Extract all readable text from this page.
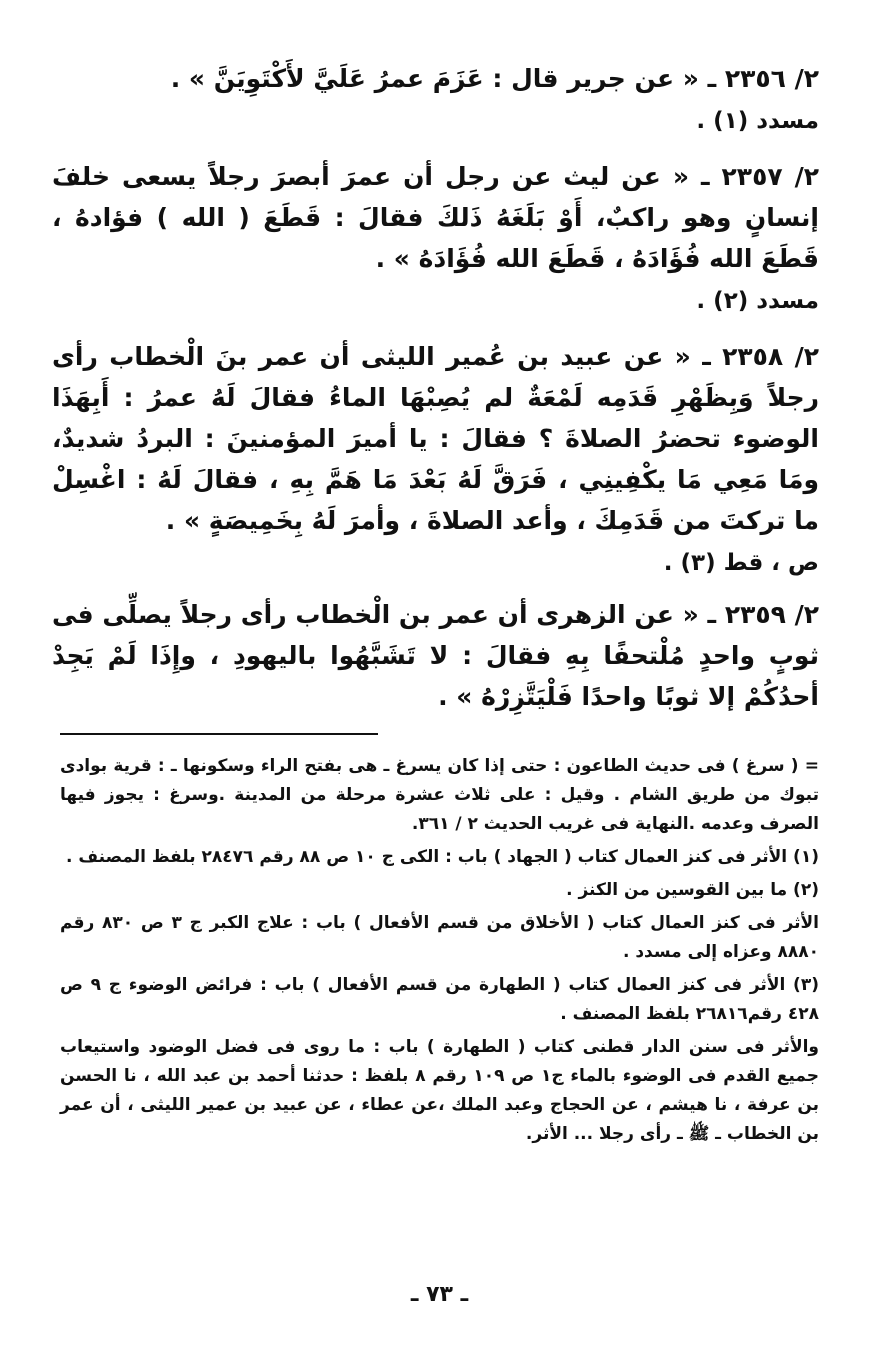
٢/ ٢٣٥٦ ـ « عن جرير قال : عَزَمَ عمرُ عَلَيَّ لأَكْتَوِيَنَّ » .
مسدد (١) .

٢/ ٢٣٥٧ ـ « عن ليث عن رجل أن عمرَ أبصرَ رجلاً يسعى خلفَ إنسانٍ وهو راكبٌ، أَوْ بَلَغَهُ ذَلكَ فقالَ : قَطَعَ ( الله ) فؤادهُ ، قَطَعَ الله فُؤَادَهُ ، قَطَعَ الله فُؤَادَهُ » .
مسدد (٢) .

٢/ ٢٣٥٨ ـ « عن عبيد بن عُمير الليثى أن عمر بنَ الْخطاب رأى رجلاً وَبِظَهْرِ قَدَمِه لَمْعَةٌ لم يُصِبْهَا الماءُ فقالَ لَهُ عمرُ : أَبِهَذَا الوضوء تحضرُ الصلاةَ ؟ فقالَ : يا أميرَ المؤمنينَ : البردُ شديدٌ، ومَا مَعِي مَا يكْفِينِي ، فَرَقَّ لَهُ بَعْدَ مَا هَمَّ بِهِ ، فقالَ لَهُ : اغْسِلْ ما تركتَ من قَدَمِكَ ، وأعد الصلاةَ ، وأمرَ لَهُ بِخَمِيصَةٍ » .
ص ، قط (٣) .

٢/ ٢٣٥٩ ـ « عن الزهرى أن عمر بن الْخطاب رأى رجلاً يصلِّى فى ثوبٍ واحدٍ مُلْتحفًا بِهِ فقالَ : لا تَشَبَّهُوا باليهودِ ، وإِذَا لَمْ يَجِدْ أحدُكُمْ إلا ثوبًا واحدًا فَلْيَتَّزِرْهُ » .

= ( سرغ ) فى حديث الطاعون : حتى إذا كان يسرغ ـ هى بفتح الراء وسكونها ـ : قرية بوادى تبوك من طريق الشام . وقيل : على ثلاث عشرة مرحلة من المدينة .وسرغ : يجوز فيها الصرف وعدمه .النهاية فى غريب الحديث ٢ / ٣٦١.
(١) الأثر فى كنز العمال كتاب ( الجهاد ) باب : الكى ج ١٠ ص ٨٨ رقم ٢٨٤٧٦ بلفظ المصنف .
(٢) ما بين القوسين من الكنز .
الأثر فى كنز العمال كتاب ( الأخلاق من قسم الأفعال ) باب : علاج الكبر ج ٣ ص ٨٣٠ رقم ٨٨٨٠ وعزاه إلى مسدد .
(٣) الأثر فى كنز العمال كتاب ( الطهارة من قسم الأفعال ) باب : فرائض الوضوء ج ٩ ص ٤٢٨ رقم٢٦٨١٦ بلفظ المصنف .
والأثر فى سنن الدار قطنى كتاب ( الطهارة ) باب : ما روى فى فضل الوضود واستيعاب جميع القدم فى الوضوء بالماء ج١ ص ١٠٩ رقم ٨ بلفظ : حدثنا أحمد بن عبد الله ، نا الحسن بن عرفة ، نا هيشم ، عن الحجاج وعبد الملك ،عن عطاء ، عن عبيد بن عمير الليثى ، أن عمر بن الخطاب ـ ﷺ ـ رأى رجلا ... الأثر.
ـ ٧٣ ـ
